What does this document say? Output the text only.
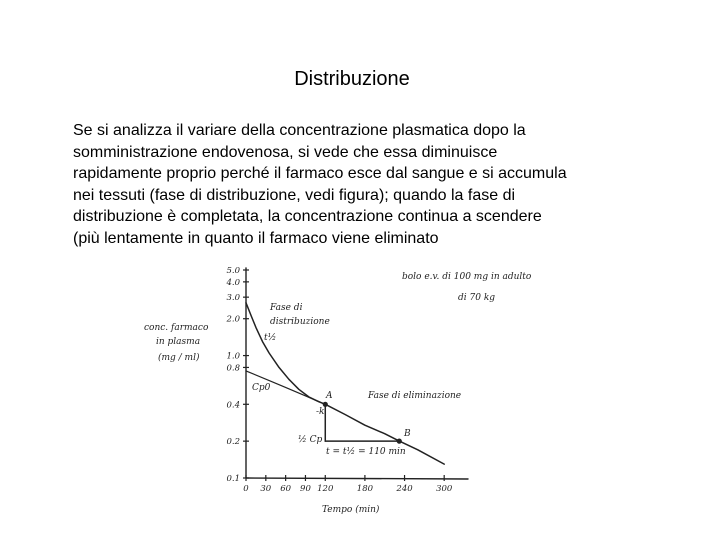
Distribuzione
Se si analizza il variare della concentrazione plasmatica dopo la
somministrazione endovenosa, si vede che essa diminuisce
rapidamente proprio perché il farmaco esce dal sangue e si accumula
nei tessuti (fase di distribuzione, vedi figura); quando la fase di
distribuzione è completata, la concentrazione continua a scendere
(più lentamente in quanto il farmaco viene eliminato
0.1
0.2
0.4
0.8
1.0
2.0
3.0
4.0
5.0
0 30 60 90 120	180	240	300
bolo e.v. di 100 mg in adulto
di 70 kg
conc. farmaco
in plasma
(mg / ml)
Fase di
distribuzione
t½
Fase di eliminazione
Cp0
A
B
-k
½ Cp
t = t½ = 110 min
Tempo (min)
